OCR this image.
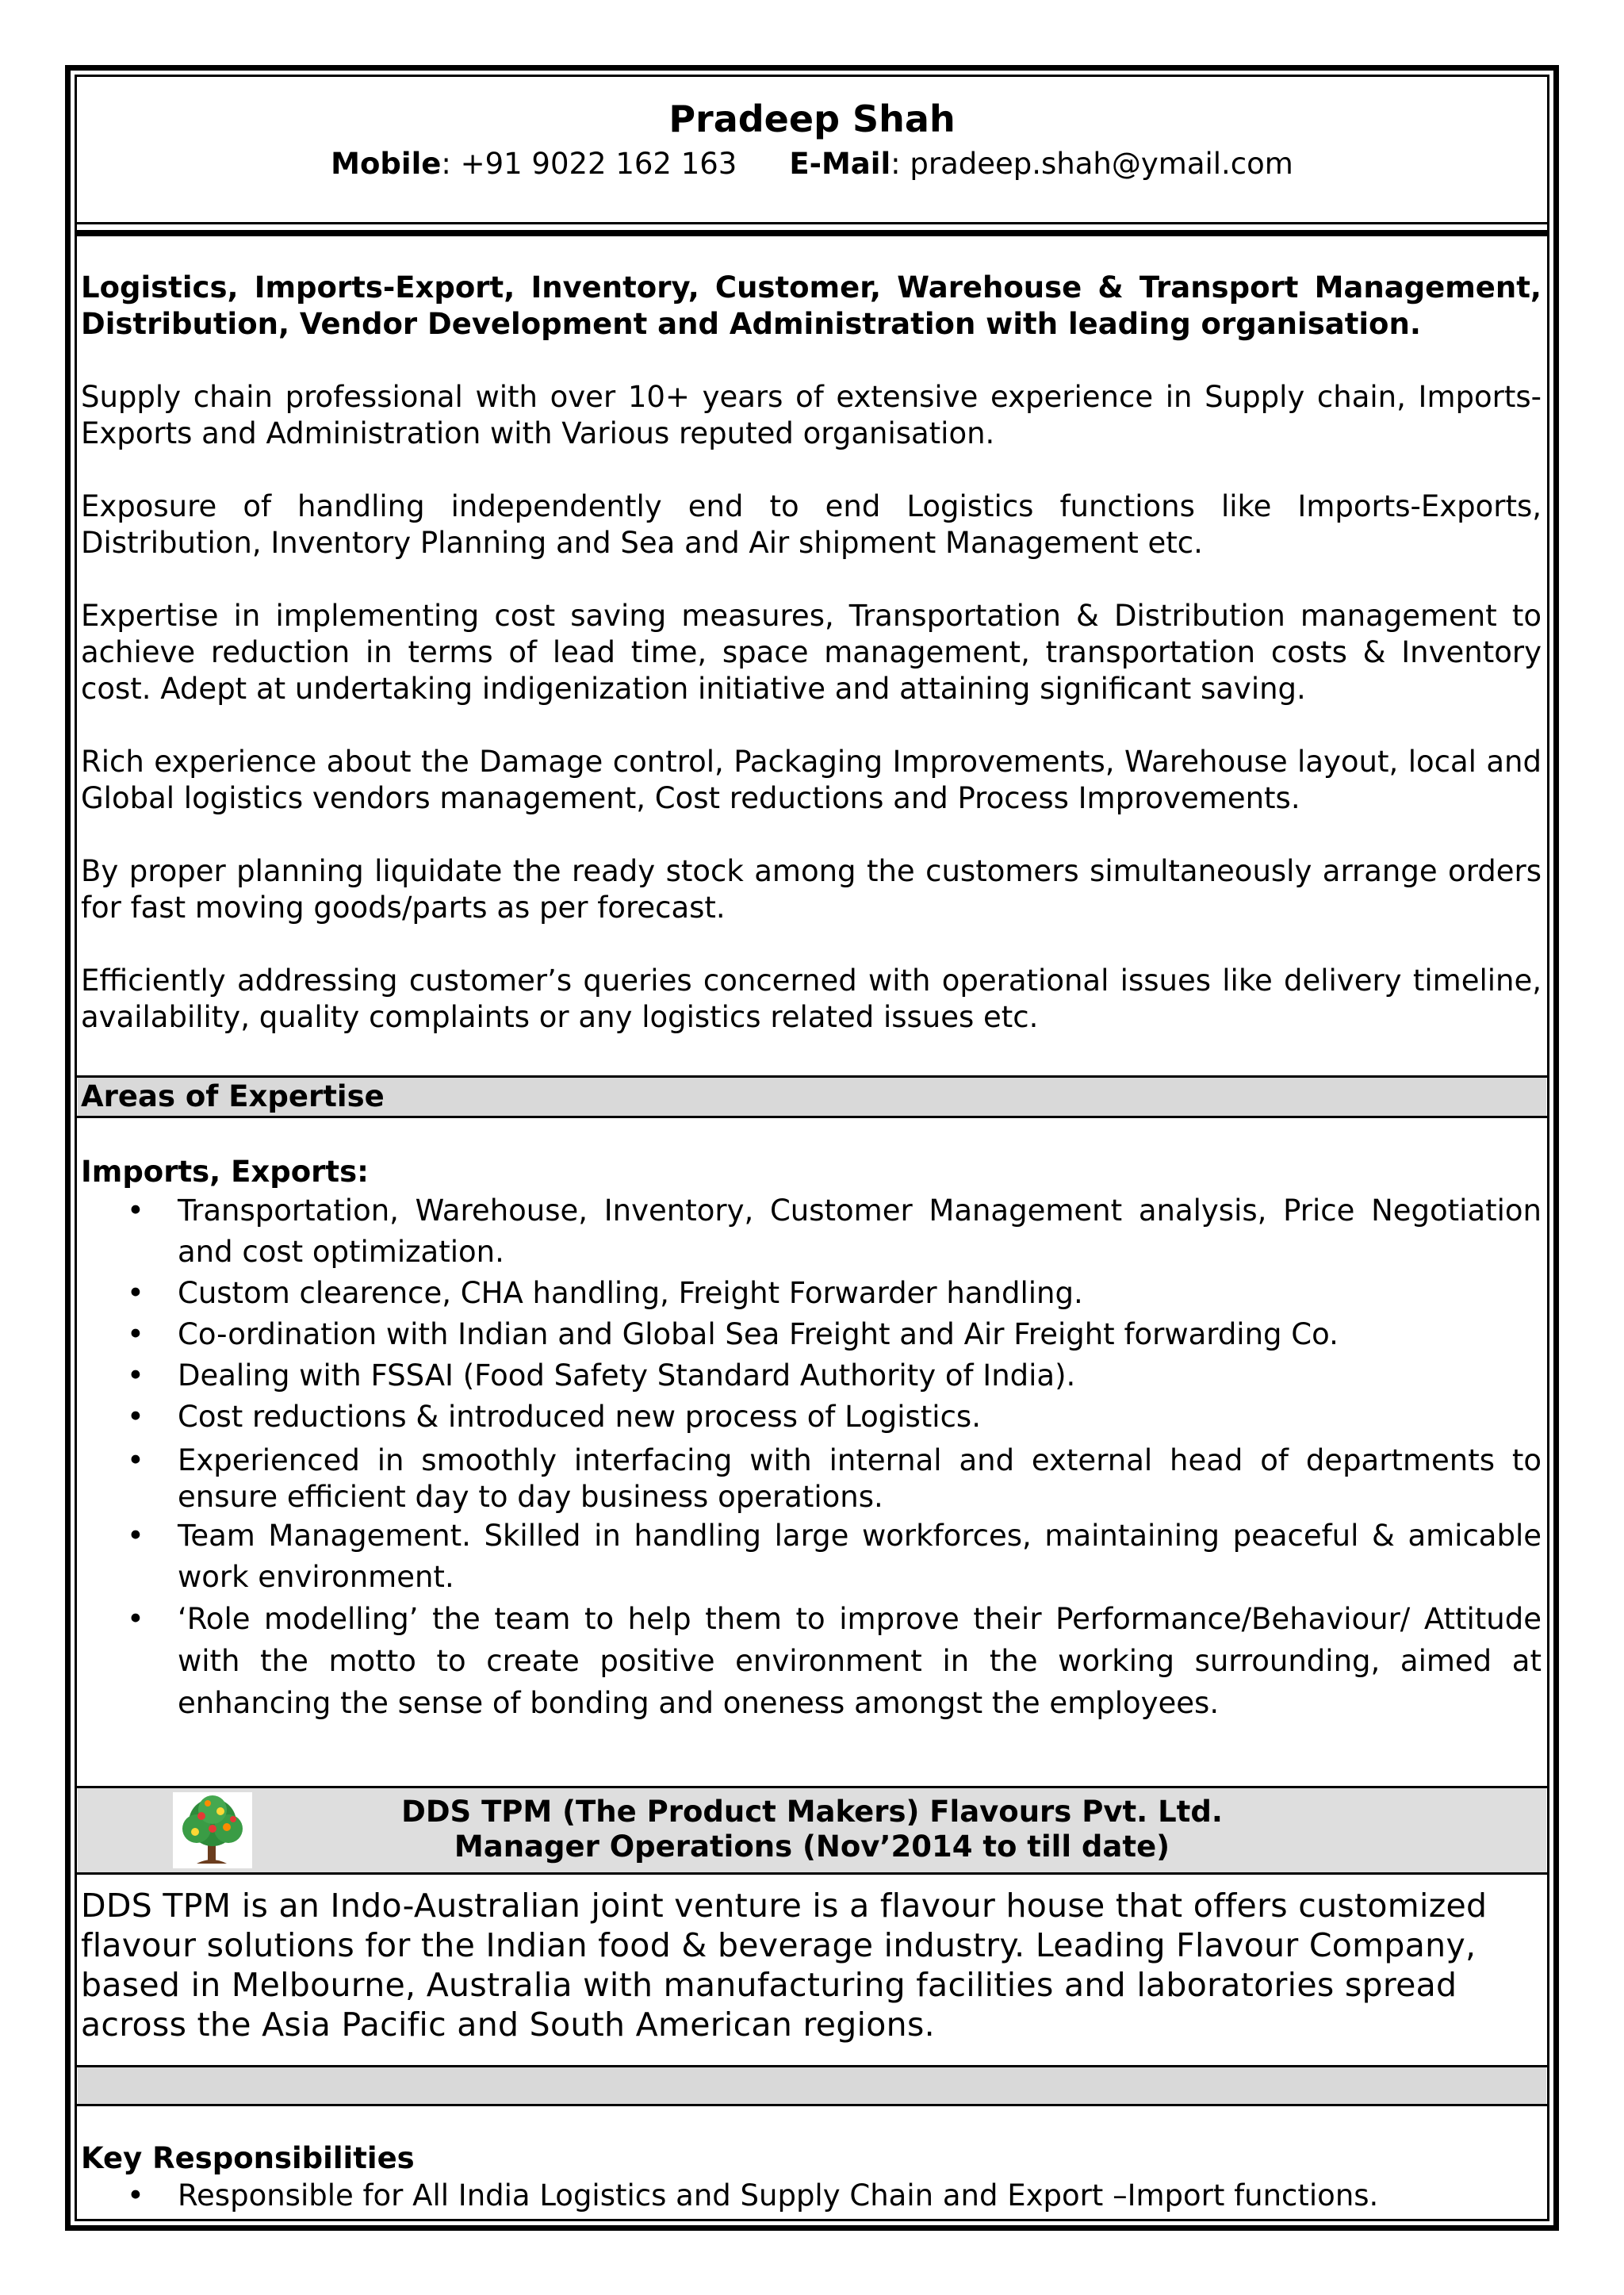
Pradeep Shah
Mobile: +91 9022 162 163 E-Mail: pradeep.shah@ymail.com
Logistics, Imports-Export, Inventory, Customer, Warehouse & Transport Management, Distribution, Vendor Development and Administration with leading organisation.
Supply chain professional with over 10+ years of extensive experience in Supply chain, Imports- Exports and Administration with Various reputed organisation.
Exposure of handling independently end to end Logistics functions like Imports-Exports, Distribution, Inventory Planning and Sea and Air shipment Management etc.
Expertise in implementing cost saving measures, Transportation & Distribution management to achieve reduction in terms of lead time, space management, transportation costs & Inventory cost. Adept at undertaking indigenization initiative and attaining significant saving.
Rich experience about the Damage control, Packaging Improvements, Warehouse layout, local and Global logistics vendors management, Cost reductions and Process Improvements.
By proper planning liquidate the ready stock among the customers simultaneously arrange orders for fast moving goods/parts as per forecast.
Efficiently addressing customer’s queries concerned with operational issues like delivery timeline, availability, quality complaints or any logistics related issues etc.
Areas of Expertise
Imports, Exports:
• Transportation, Warehouse, Inventory, Customer Management analysis, Price Negotiation and cost optimization.
• Custom clearence, CHA handling, Freight Forwarder handling.
• Co-ordination with Indian and Global Sea Freight and Air Freight forwarding Co.
• Dealing with FSSAI (Food Safety Standard Authority of India).
• Cost reductions & introduced new process of Logistics.
• Experienced in smoothly interfacing with internal and external head of departments to ensure efficient day to day business operations.
• Team Management. Skilled in handling large workforces, maintaining peaceful & amicable work environment.
• ‘Role modelling’ the team to help them to improve their Performance/Behaviour/ Attitude with the motto to create positive environment in the working surrounding, aimed at enhancing the sense of bonding and oneness amongst the employees.
DDS TPM (The Product Makers) Flavours Pvt. Ltd.
Manager Operations (Nov’2014 to till date)
DDS TPM is an Indo-Australian joint venture is a flavour house that offers customized flavour solutions for the Indian food & beverage industry. Leading Flavour Company, based in Melbourne, Australia with manufacturing facilities and laboratories spread across the Asia Pacific and South American regions.
Key Responsibilities
• Responsible for All India Logistics and Supply Chain and Export –Import functions.
